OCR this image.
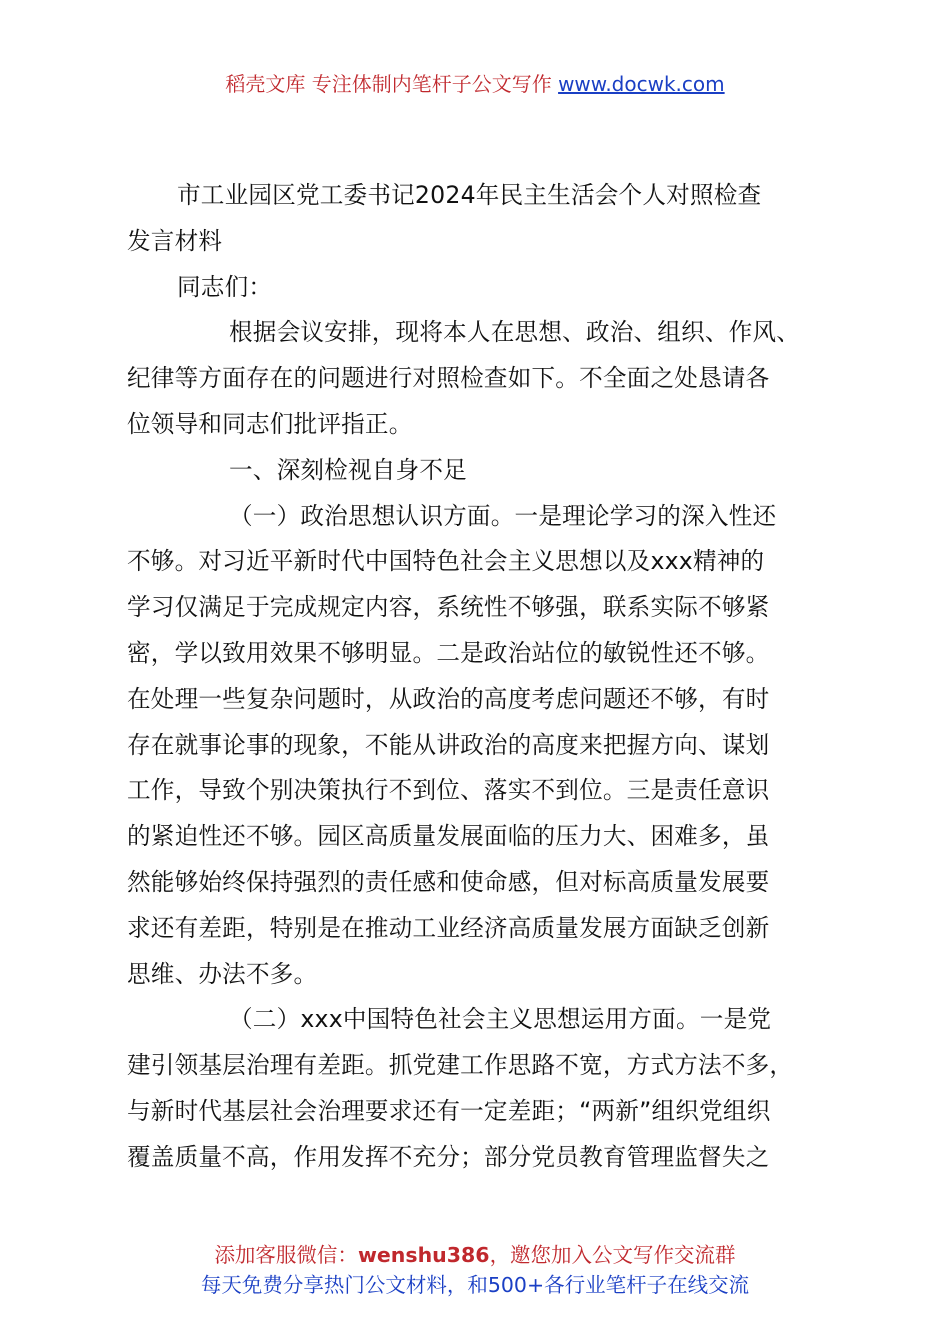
稻壳文库 专注体制内笔杆子公文写作 www.docwk.com
市工业园区党工委书记2024年民主生活会个人对照检查
发言材料
同志们：
根据会议安排，现将本人在思想、政治、组织、作风、
纪律等方面存在的问题进行对照检查如下。不全面之处恳请各
位领导和同志们批评指正。
一、深刻检视自身不足
（一）政治思想认识方面。一是理论学习的深入性还
不够。对习近平新时代中国特色社会主义思想以及xxx精神的
学习仅满足于完成规定内容，系统性不够强，联系实际不够紧
密，学以致用效果不够明显。二是政治站位的敏锐性还不够。
在处理一些复杂问题时，从政治的高度考虑问题还不够，有时
存在就事论事的现象，不能从讲政治的高度来把握方向、谋划
工作，导致个别决策执行不到位、落实不到位。三是责任意识
的紧迫性还不够。园区高质量发展面临的压力大、困难多，虽
然能够始终保持强烈的责任感和使命感，但对标高质量发展要
求还有差距，特别是在推动工业经济高质量发展方面缺乏创新
思维、办法不多。
（二）xxx中国特色社会主义思想运用方面。一是党
建引领基层治理有差距。抓党建工作思路不宽，方式方法不多，
与新时代基层社会治理要求还有一定差距；“两新”组织党组织
覆盖质量不高，作用发挥不充分；部分党员教育管理监督失之
添加客服微信：wenshu386，邀您加入公文写作交流群
每天免费分享热门公文材料，和500+各行业笔杆子在线交流
